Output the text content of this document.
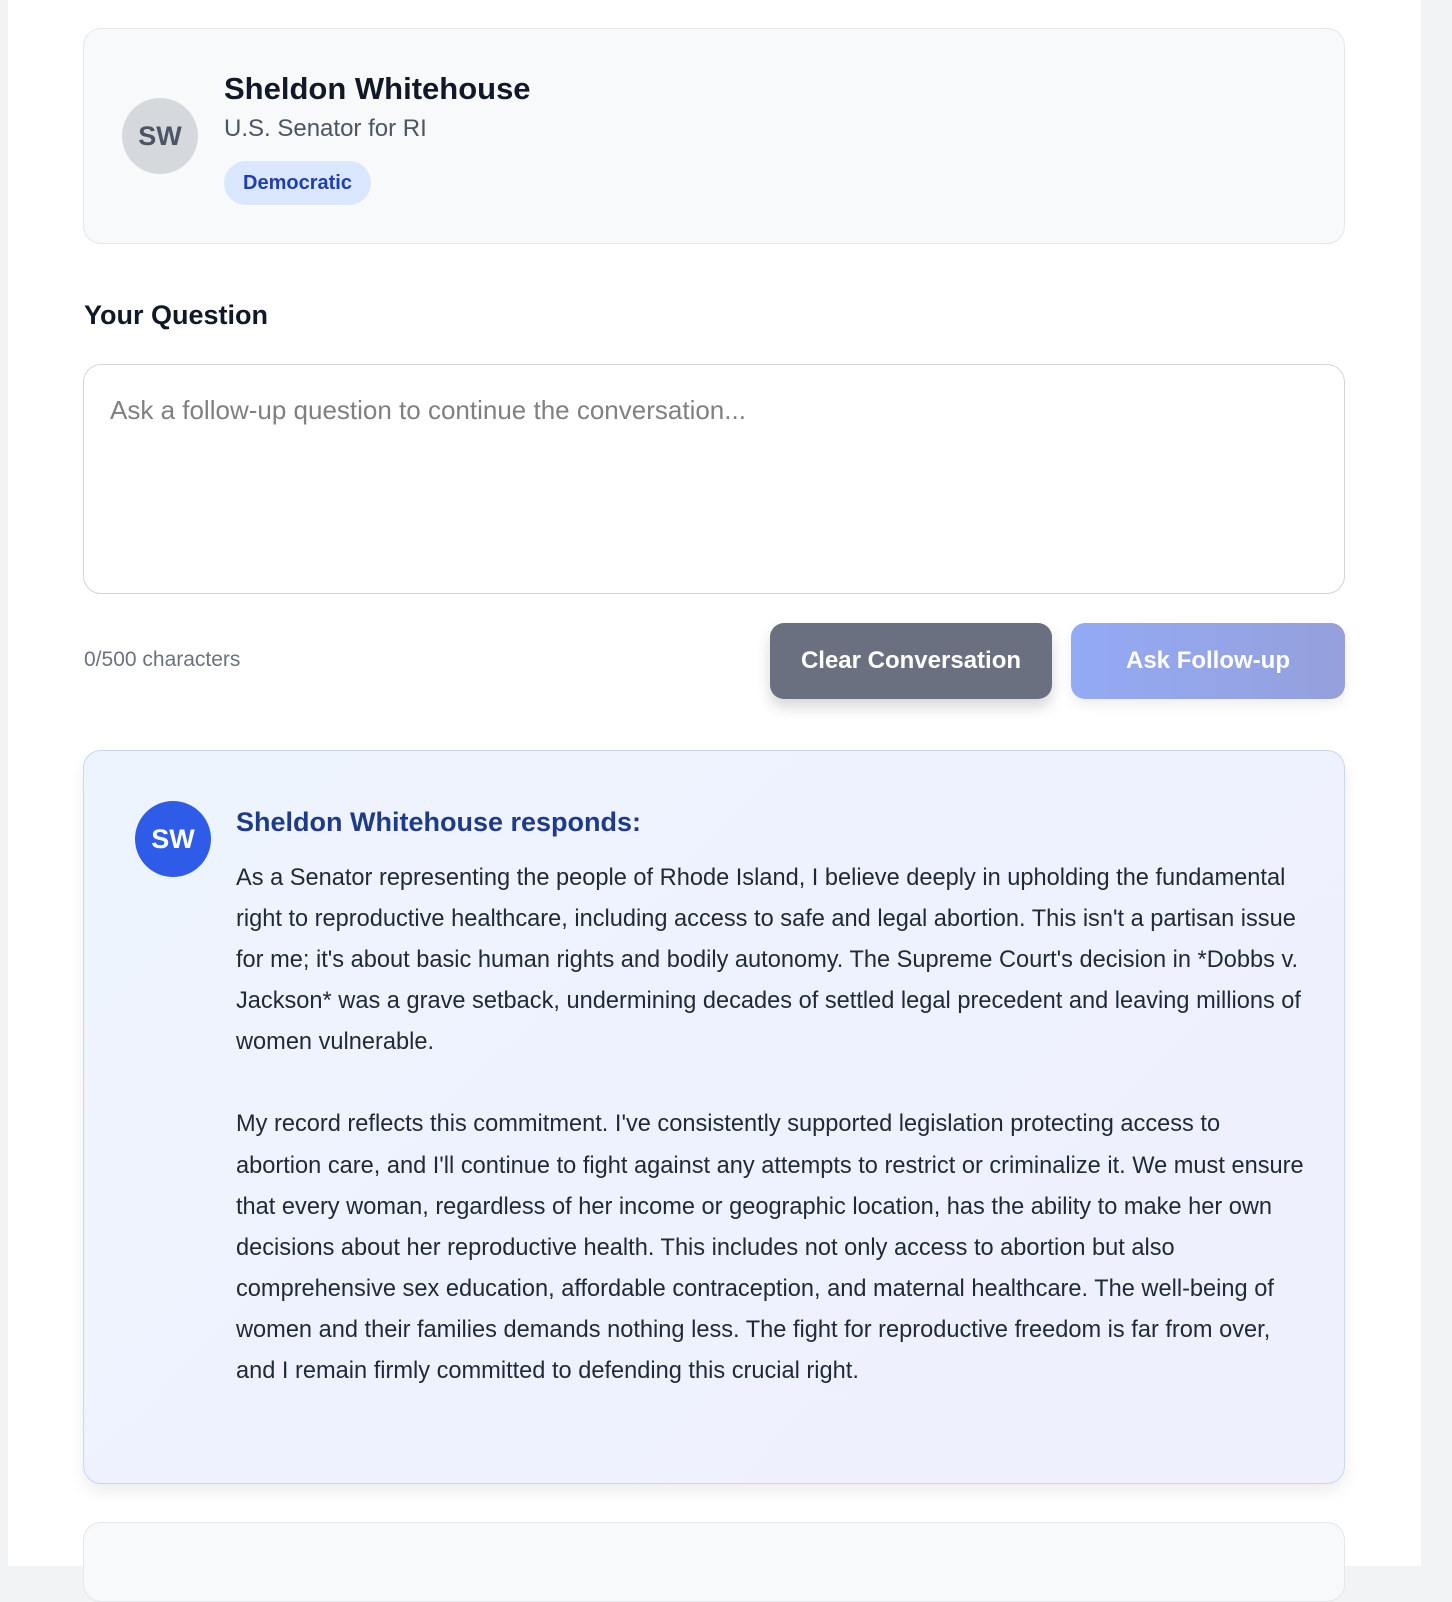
SW
Sheldon Whitehouse
U.S. Senator for RI
Democratic
Your Question
Ask a follow-up question to continue the conversation...
0/500 characters	Clear Conversation	Ask Follow-up
SW
Sheldon Whitehouse responds:

As a Senator representing the people of Rhode Island, I believe deeply in upholding the fundamental right to reproductive healthcare, including access to safe and legal abortion. This isn't a partisan issue for me; it's about basic human rights and bodily autonomy. The Supreme Court's decision in *Dobbs v. Jackson* was a grave setback, undermining decades of settled legal precedent and leaving millions of women vulnerable.

My record reflects this commitment. I've consistently supported legislation protecting access to abortion care, and I'll continue to fight against any attempts to restrict or criminalize it. We must ensure that every woman, regardless of her income or geographic location, has the ability to make her own decisions about her reproductive health. This includes not only access to abortion but also comprehensive sex education, affordable contraception, and maternal healthcare. The well-being of women and their families demands nothing less. The fight for reproductive freedom is far from over, and I remain firmly committed to defending this crucial right.
